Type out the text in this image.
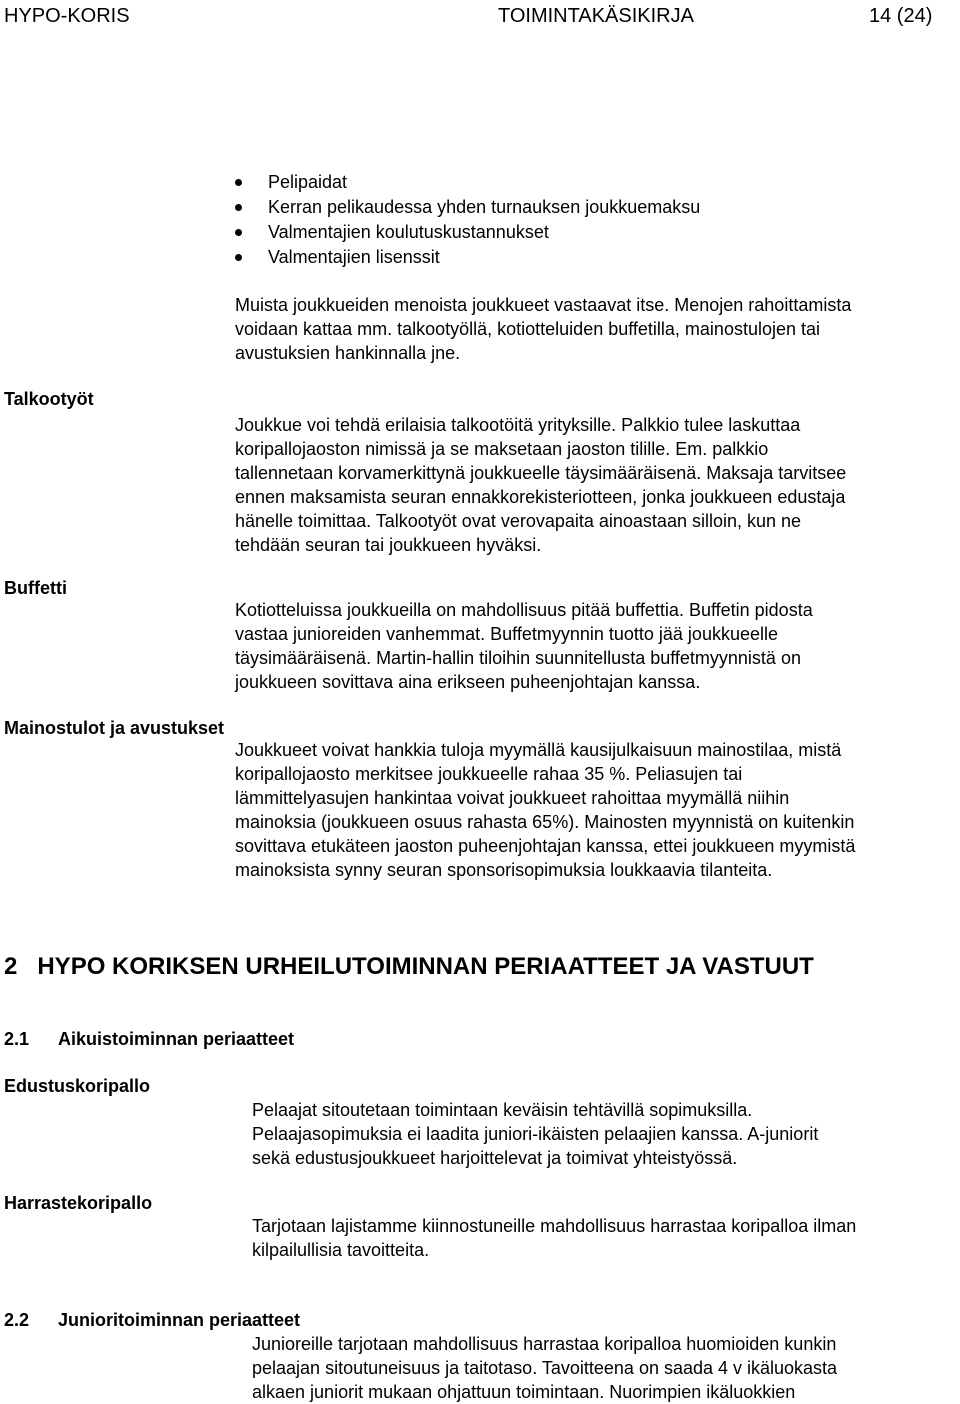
HYPO-KORIS	TOIMINTAKÄSIKIRJA	14 (24)
Pelipaidat
Kerran pelikaudessa yhden turnauksen joukkuemaksu
Valmentajien koulutuskustannukset
Valmentajien lisenssit
Muista joukkueiden menoista joukkueet vastaavat itse. Menojen rahoittamista
voidaan kattaa mm. talkootyöllä, kotiotteluiden buffetilla, mainostulojen tai
avustuksien hankinnalla jne.
Talkootyöt
Joukkue voi tehdä erilaisia talkootöitä yrityksille. Palkkio tulee laskuttaa
koripallojaoston nimissä ja se maksetaan jaoston tilille. Em. palkkio
tallennetaan korvamerkittynä joukkueelle täysimääräisenä. Maksaja tarvitsee
ennen maksamista seuran ennakkorekisteriotteen, jonka joukkueen edustaja
hänelle toimittaa. Talkootyöt ovat verovapaita ainoastaan silloin, kun ne
tehdään seuran tai joukkueen hyväksi.
Buffetti
Kotiotteluissa joukkueilla on mahdollisuus pitää buffettia. Buffetin pidosta
vastaa junioreiden vanhemmat. Buffetmyynnin tuotto jää joukkueelle
täysimääräisenä. Martin-hallin tiloihin suunnitellusta buffetmyynnistä on
joukkueen sovittava aina erikseen puheenjohtajan kanssa.
Mainostulot ja avustukset
Joukkueet voivat hankkia tuloja myymällä kausijulkaisuun mainostilaa, mistä
koripallojaosto merkitsee joukkueelle rahaa 35 %. Peliasujen tai
lämmittelyasujen hankintaa voivat joukkueet rahoittaa myymällä niihin
mainoksia (joukkueen osuus rahasta 65%). Mainosten myynnistä on kuitenkin
sovittava etukäteen jaoston puheenjohtajan kanssa, ettei joukkueen myymistä
mainoksista synny seuran sponsorisopimuksia loukkaavia tilanteita.
2   HYPO KORIKSEN URHEILUTOIMINNAN PERIAATTEET JA VASTUUT
2.1 Aikuistoiminnan periaatteet
Edustuskoripallo
Pelaajat sitoutetaan toimintaan keväisin tehtävillä sopimuksilla.
Pelaajasopimuksia ei laadita juniori-ikäisten pelaajien kanssa. A-juniorit
sekä edustusjoukkueet harjoittelevat ja toimivat yhteistyössä.
Harrastekoripallo
Tarjotaan lajistamme kiinnostuneille mahdollisuus harrastaa koripalloa ilman
kilpailullisia tavoitteita.
2.2 Junioritoiminnan periaatteet
Junioreille tarjotaan mahdollisuus harrastaa koripalloa huomioiden kunkin
pelaajan sitoutuneisuus ja taitotaso. Tavoitteena on saada 4 v ikäluokasta
alkaen juniorit mukaan ohjattuun toimintaan. Nuorimpien ikäluokkien
